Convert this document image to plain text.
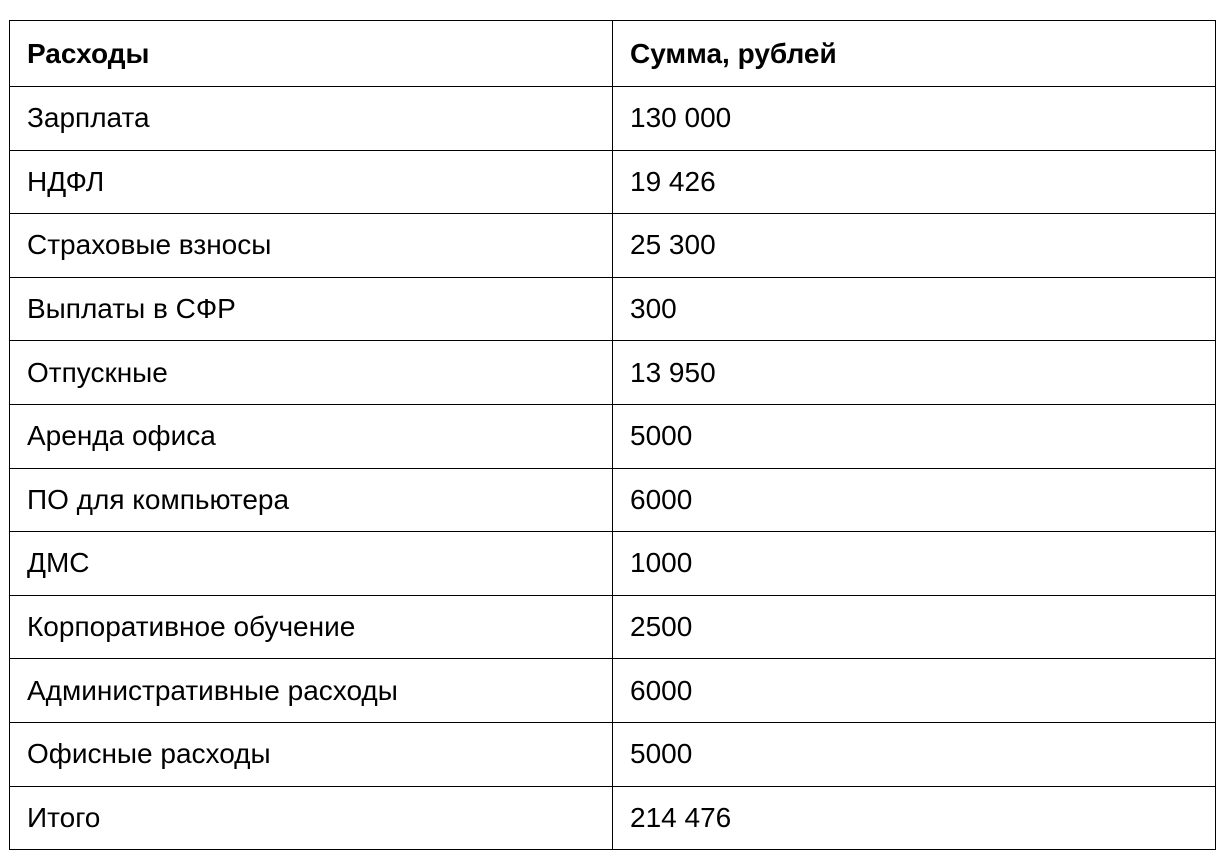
Расходы	Сумма, рублей
Зарплата	130 000
НДФЛ	19 426
Страховые взносы	25 300
Выплаты в СФР	300
Отпускные	13 950
Аренда офиса	5000
ПО для компьютера	6000
ДМС	1000
Корпоративное обучение	2500
Административные расходы	6000
Офисные расходы	5000
Итого	214 476
